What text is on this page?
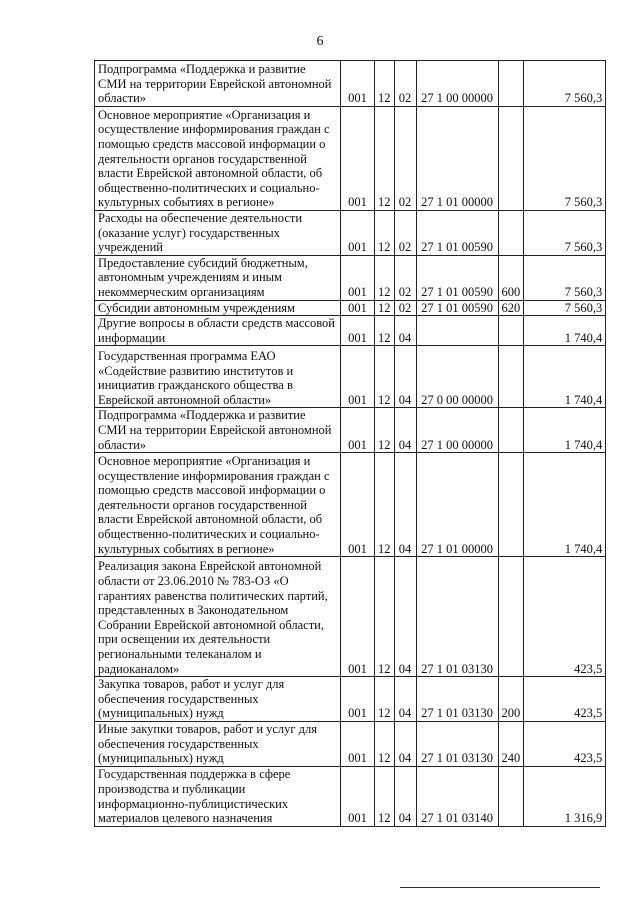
6
Подпрограмма «Поддержка и развитие СМИ на территории Еврейской автономной области»	001	12	02	27 1 00 00000		7 560,3
Основное мероприятие «Организация и осуществление информирования граждан с помощью средств массовой информации о деятельности органов государственной власти Еврейской автономной области, об общественно-политических и социально-культурных событиях в регионе»	001	12	02	27 1 01 00000		7 560,3
Расходы на обеспечение деятельности (оказание услуг) государственных учреждений	001	12	02	27 1 01 00590		7 560,3
Предоставление субсидий бюджетным, автономным учреждениям и иным некоммерческим организациям	001	12	02	27 1 01 00590	600	7 560,3
Субсидии автономным учреждениям	001	12	02	27 1 01 00590	620	7 560,3
Другие вопросы в области средств массовой информации	001	12	04			1 740,4
Государственная программа ЕАО «Содействие развитию институтов и инициатив гражданского общества в Еврейской автономной области»	001	12	04	27 0 00 00000		1 740,4
Подпрограмма «Поддержка и развитие СМИ на территории Еврейской автономной области»	001	12	04	27 1 00 00000		1 740,4
Основное мероприятие «Организация и осуществление информирования граждан с помощью средств массовой информации о деятельности органов государственной власти Еврейской автономной области, об общественно-политических и социально-культурных событиях в регионе»	001	12	04	27 1 01 00000		1 740,4
Реализация закона Еврейской автономной области от 23.06.2010 № 783-ОЗ «О гарантиях равенства политических партий, представленных в Законодательном Собрании Еврейской автономной области, при освещении их деятельности региональными телеканалом и радиоканалом»	001	12	04	27 1 01 03130		423,5
Закупка товаров, работ и услуг для обеспечения государственных (муниципальных) нужд	001	12	04	27 1 01 03130	200	423,5
Иные закупки товаров, работ и услуг для обеспечения государственных (муниципальных) нужд	001	12	04	27 1 01 03130	240	423,5
Государственная поддержка в сфере производства и публикации информационно-публицистических материалов целевого назначения	001	12	04	27 1 01 03140		1 316,9
